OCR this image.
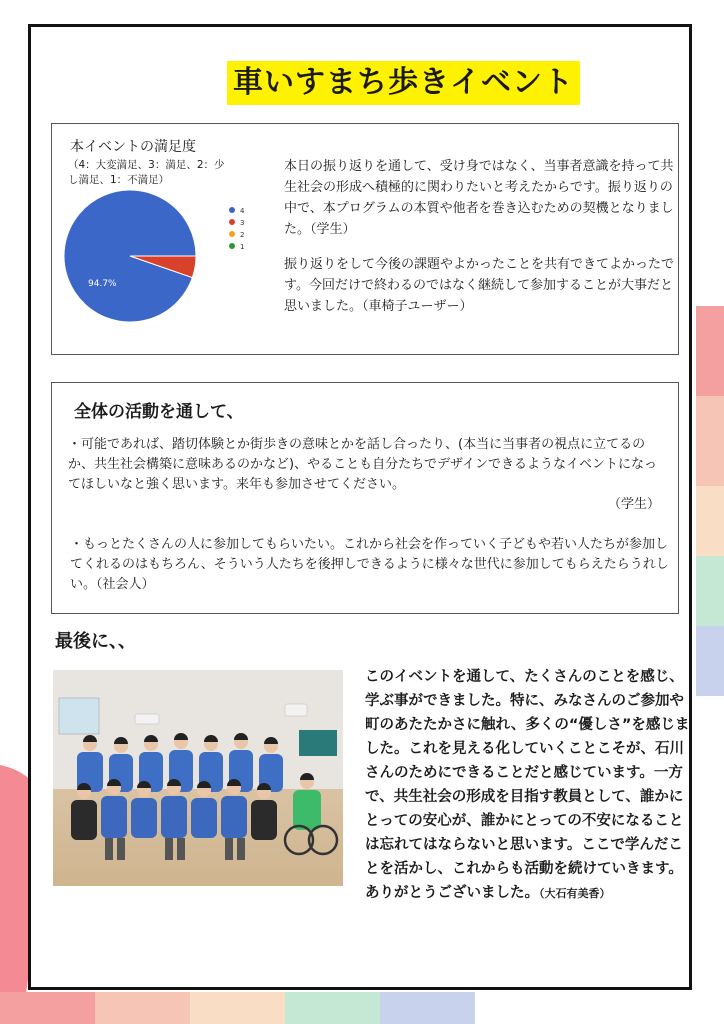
車いすまち歩きイベント
本イベントの満足度
（4：大変満足、3：満足、2：少し満足、1：不満足）
4
3
2
1
94.7%

本日の振り返りを通して、受け身ではなく、当事者意識を持って共生社会の形成へ積極的に関わりたいと考えたからです。振り返りの中で、本プログラムの本質や他者を巻き込むための契機となりました。（学生）

振り返りをして今後の課題やよかったことを共有できてよかったです。今回だけで終わるのではなく継続して参加することが大事だと思いました。（車椅子ユーザー）

全体の活動を通して、
・可能であれば、踏切体験とか街歩きの意味とかを話し合ったり、(本当に当事者の視点に立てるのか、共生社会構築に意味あるのかなど)、やることも自分たちでデザインできるようなイベントになってほしいなと強く思います。来年も参加させてください。
（学生）
・もっとたくさんの人に参加してもらいたい。これから社会を作っていく子どもや若い人たちが参加してくれるのはもちろん、そういう人たちを後押しできるように様々な世代に参加してもらえたらうれしい。（社会人）
最後に、、
このイベントを通して、たくさんのことを感じ、学ぶ事ができました。特に、みなさんのご参加や町のあたたかさに触れ、多くの“優しさ”を感じました。これを見える化していくことこそが、石川さんのためにできることだと感じています。一方で、共生社会の形成を目指す教員として、誰かにとっての安心が、誰かにとっての不安になることは忘れてはならないと思います。ここで学んだことを活かし、これからも活動を続けていきます。ありがとうございました。（大石有美香）
